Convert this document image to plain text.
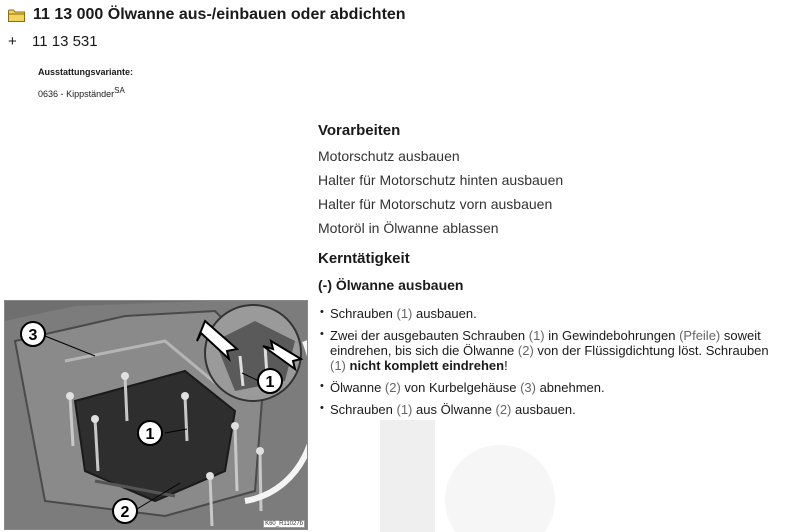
11 13 000 Ölwanne aus-/einbauen oder abdichten
+	11 13 531
Ausstattungsvariante:
0636 - Kippständer$^{SA}$
Vorarbeiten
Motorschutz ausbauen
Halter für Motorschutz hinten ausbauen
Halter für Motorschutz vorn ausbauen
Motoröl in Ölwanne ablassen
Kerntätigkeit
(-) Ölwanne ausbauen
• Schrauben (1) ausbauen.
• Zwei der ausgebauten Schrauben (1) in Gewindebohrungen (Pfeile) soweit eindrehen, bis sich die Ölwanne (2) von der Flüssigdichtung löst. Schrauben (1) nicht komplett eindrehen!
• Ölwanne (2) von Kurbelgehäuse (3) abnehmen.
• Schrauben (1) aus Ölwanne (2) ausbauen.
3
1
1
2
K60_R11027b
